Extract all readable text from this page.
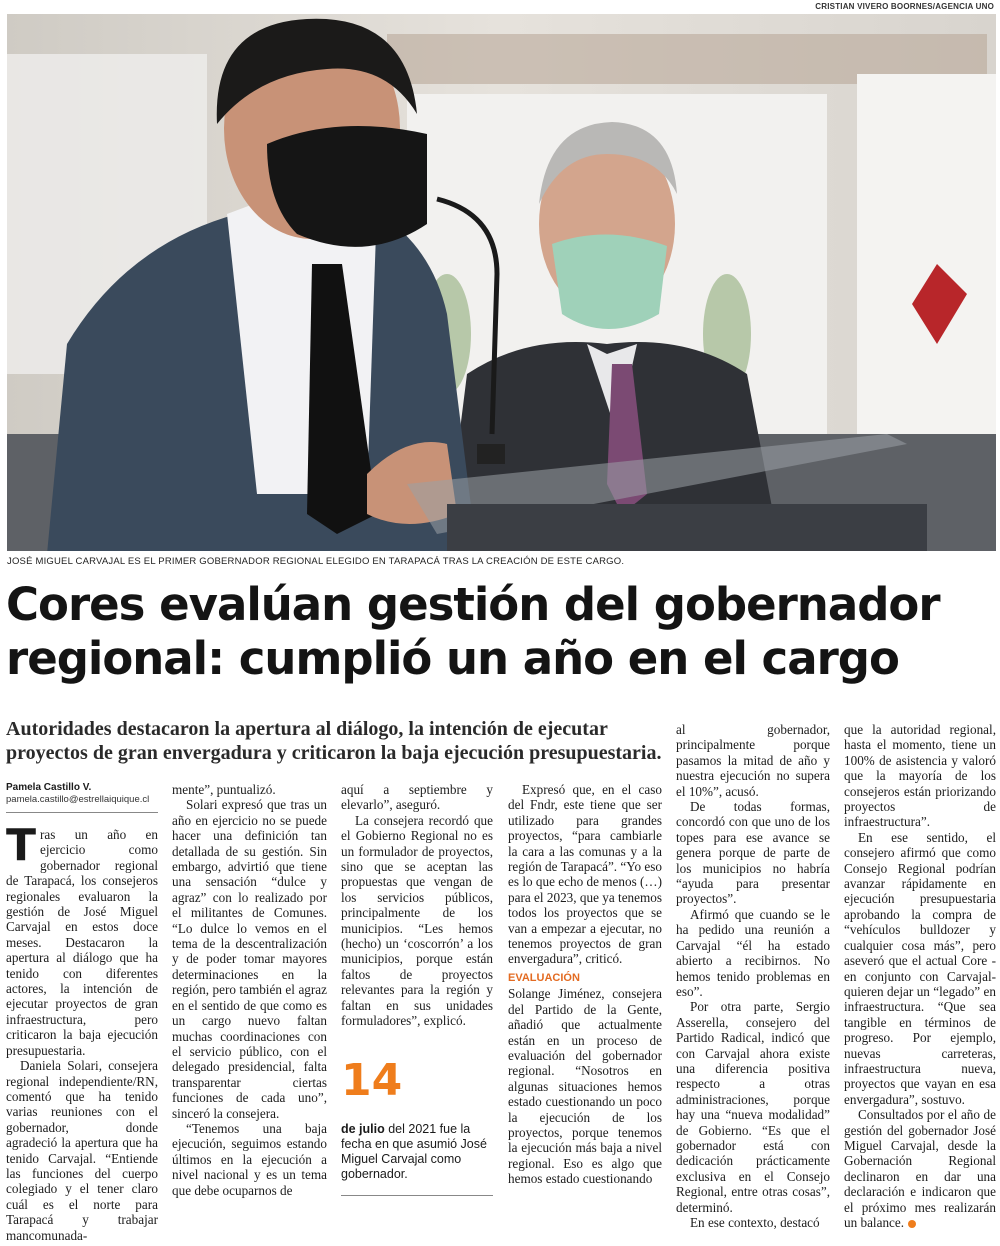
CRISTIAN VIVERO BOORNES/AGENCIA UNO
JOSÉ MIGUEL CARVAJAL ES EL PRIMER GOBERNADOR REGIONAL ELEGIDO EN TARAPACÁ TRAS LA CREACIÓN DE ESTE CARGO.
Cores evalúan gestión del gobernador regional: cumplió un año en el cargo
Autoridades destacaron la apertura al diálogo, la intención de ejecutar proyectos de gran envergadura y criticaron la baja ejecución presupuestaria.

Pamela Castillo V.

pamela.castillo@estrellaiquique.cl

Tras un año en ejercicio como gobernador regional de Tarapacá, los consejeros regionales evaluaron la gestión de José Miguel Carvajal en estos doce meses. Destacaron la apertura al diálogo que ha tenido con diferentes actores, la intención de ejecutar proyectos de gran infraestructura, pero criticaron la baja ejecución presupuestaria.

Daniela Solari, consejera regional independiente/RN, comentó que ha tenido varias reuniones con el gobernador, donde agradeció la apertura que ha tenido Carvajal. “Entiende las funciones del cuerpo colegiado y el tener claro cuál es el norte para Tarapacá y trabajar mancomunada-

mente”, puntualizó.

Solari expresó que tras un año en ejercicio no se puede hacer una definición tan detallada de su gestión. Sin embargo, advirtió que tiene una sensación “dulce y agraz” con lo realizado por el militantes de Comunes. “Lo dulce lo vemos en el tema de la descentralización y de poder tomar mayores determinaciones en la región, pero también el agraz en el sentido de que como es un cargo nuevo faltan muchas coordinaciones con el servicio público, con el delegado presidencial, falta transparentar ciertas funciones de cada uno”, sinceró la consejera.

“Tenemos una baja ejecución, seguimos estando últimos en la ejecución a nivel nacional y es un tema que debe ocuparnos de

aquí a septiembre y elevarlo”, aseguró.

La consejera recordó que el Gobierno Regional no es un formulador de proyectos, sino que se aceptan las propuestas que vengan de los servicios públicos, principalmente de los municipios. “Les hemos (hecho) un ‘coscorrón’ a los municipios, porque están faltos de proyectos relevantes para la región y faltan en sus unidades formuladores”, explicó.

14
de julio del 2021 fue la fecha en que asumió José Miguel Carvajal como gobernador.

Expresó que, en el caso del Fndr, este tiene que ser utilizado para grandes proyectos, “para cambiarle la cara a las comunas y a la región de Tarapacá”. “Yo eso es lo que echo de menos (…) para el 2023, que ya tenemos todos los proyectos que se van a empezar a ejecutar, no tenemos proyectos de gran envergadura”, criticó.

EVALUACIÓN

Solange Jiménez, consejera del Partido de la Gente, añadió que actualmente están en un proceso de evaluación del gobernador regional. “Nosotros en algunas situaciones hemos estado cuestionando un poco la ejecución de los proyectos, porque tenemos la ejecución más baja a nivel regional. Eso es algo que hemos estado cuestionando

al gobernador, principalmente porque pasamos la mitad de año y nuestra ejecución no supera el 10%”, acusó.

De todas formas, concordó con que uno de los topes para ese avance se genera porque de parte de los municipios no habría “ayuda para presentar proyectos”.

Afirmó que cuando se le ha pedido una reunión a Carvajal “él ha estado abierto a recibirnos. No hemos tenido problemas en eso”.

Por otra parte, Sergio Asserella, consejero del Partido Radical, indicó que con Carvajal ahora existe una diferencia positiva respecto a otras administraciones, porque hay una “nueva modalidad” de Gobierno. “Es que el gobernador está con dedicación prácticamente exclusiva en el Consejo Regional, entre otras cosas”, determinó.

En ese contexto, destacó

que la autoridad regional, hasta el momento, tiene un 100% de asistencia y valoró que la mayoría de los consejeros están priorizando proyectos de infraestructura”.

En ese sentido, el consejero afirmó que como Consejo Regional podrían avanzar rápidamente en ejecución presupuestaria aprobando la compra de “vehículos bulldozer y cualquier cosa más”, pero aseveró que el actual Core -en conjunto con Carvajal- quieren dejar un “legado” en infraestructura. “Que sea tangible en términos de progreso. Por ejemplo, nuevas carreteras, infraestructura nueva, proyectos que vayan en esa envergadura”, sostuvo.

Consultados por el año de gestión del gobernador José Miguel Carvajal, desde la Gobernación Regional declinaron en dar una declaración e indicaron que el próximo mes realizarán un balance.
